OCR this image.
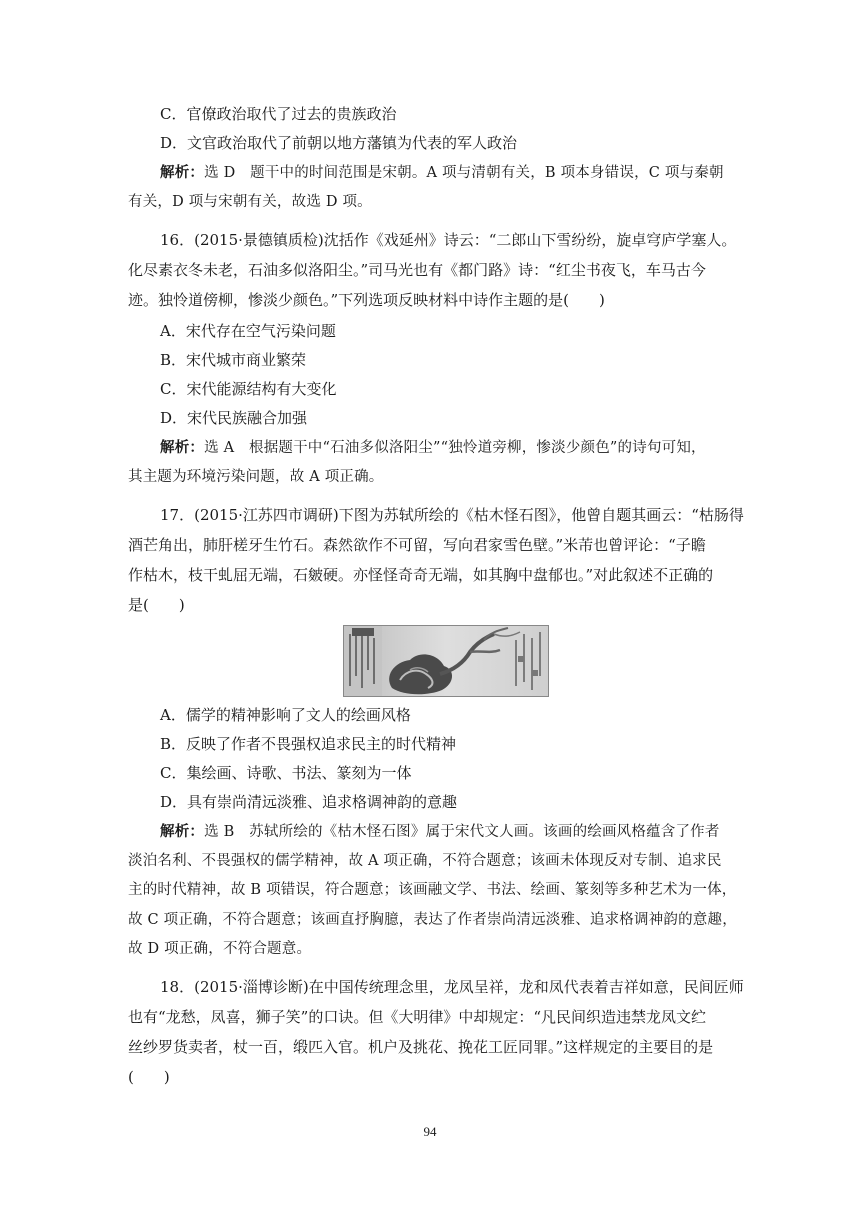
C．官僚政治取代了过去的贵族政治
D．文官政治取代了前朝以地方藩镇为代表的军人政治
解析：选 D　题干中的时间范围是宋朝。A 项与清朝有关，B 项本身错误，C 项与秦朝
有关，D 项与宋朝有关，故选 D 项。
16．(2015·景德镇质检)沈括作《戏延州》诗云：“二郎山下雪纷纷，旋卓穹庐学塞人。
化尽素衣冬未老，石油多似洛阳尘。”司马光也有《都门路》诗：“红尘书夜飞，车马古今
迹。独怜道傍柳，惨淡少颜色。”下列选项反映材料中诗作主题的是(　　)
A．宋代存在空气污染问题
B．宋代城市商业繁荣
C．宋代能源结构有大变化
D．宋代民族融合加强
解析：选 A　根据题干中“石油多似洛阳尘”“独怜道旁柳，惨淡少颜色”的诗句可知，
其主题为环境污染问题，故 A 项正确。
17．(2015·江苏四市调研)下图为苏轼所绘的《枯木怪石图》，他曾自题其画云：“枯肠得
酒芒角出，肺肝槎牙生竹石。森然欲作不可留，写向君家雪色壁。”米芾也曾评论：“子瞻
作枯木，枝干虬屈无端，石皴硬。亦怪怪奇奇无端，如其胸中盘郁也。”对此叙述不正确的
是(　　)
A．儒学的精神影响了文人的绘画风格
B．反映了作者不畏强权追求民主的时代精神
C．集绘画、诗歌、书法、篆刻为一体
D．具有崇尚清远淡雅、追求格调神韵的意趣
解析：选 B　苏轼所绘的《枯木怪石图》属于宋代文人画。该画的绘画风格蕴含了作者
淡泊名利、不畏强权的儒学精神，故 A 项正确，不符合题意；该画未体现反对专制、追求民
主的时代精神，故 B 项错误，符合题意；该画融文学、书法、绘画、篆刻等多种艺术为一体，
故 C 项正确，不符合题意；该画直抒胸臆，表达了作者崇尚清远淡雅、追求格调神韵的意趣，
故 D 项正确，不符合题意。
18．(2015·淄博诊断)在中国传统理念里，龙凤呈祥，龙和凤代表着吉祥如意，民间匠师
也有“龙愁，凤喜，狮子笑”的口诀。但《大明律》中却规定：“凡民间织造违禁龙凤文纻
丝纱罗货卖者，杖一百，缎匹入官。机户及挑花、挽花工匠同罪。”这样规定的主要目的是
(　　)
94
